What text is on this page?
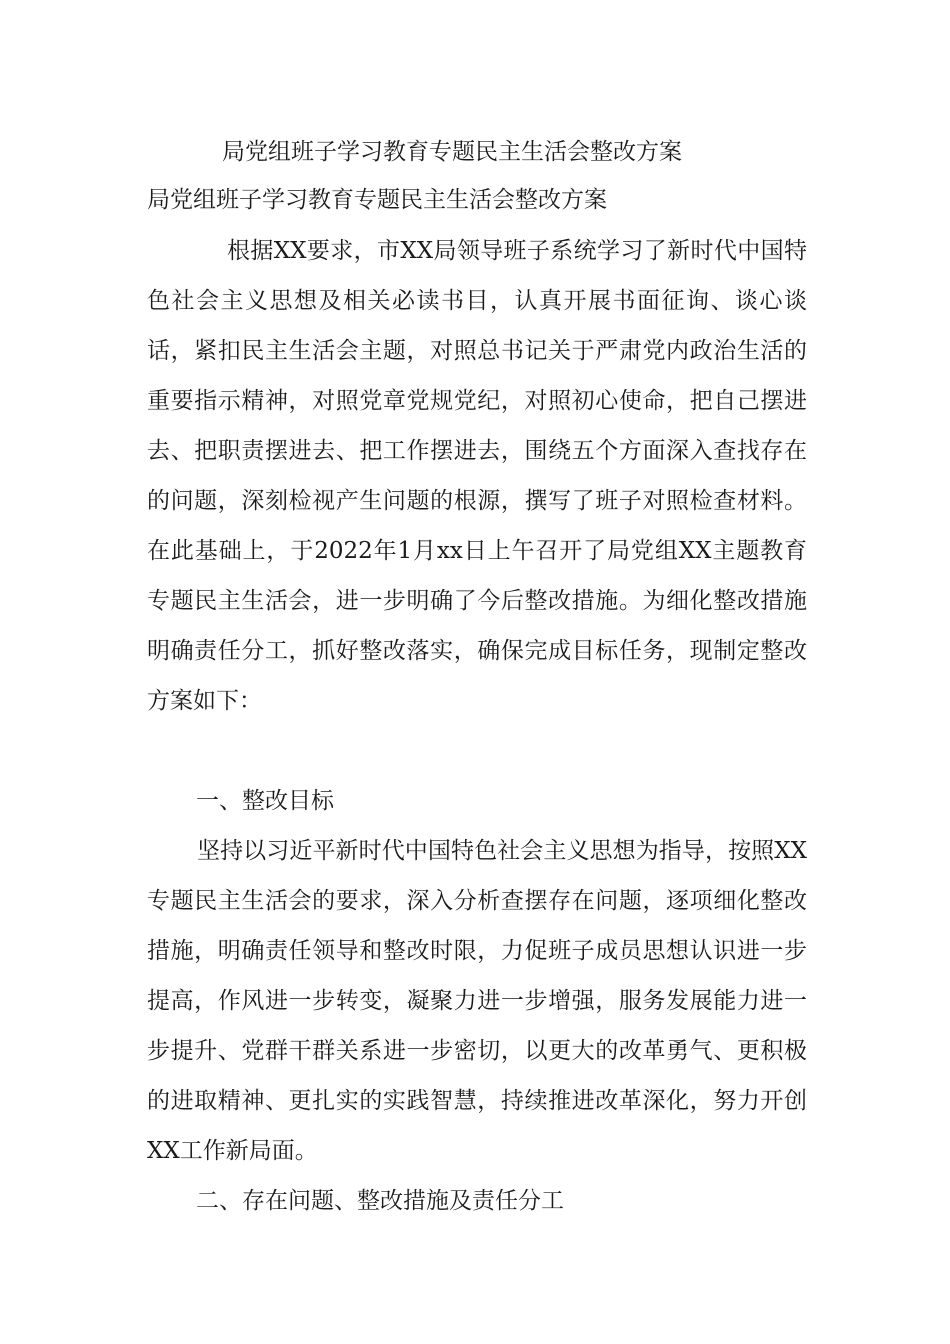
局党组班子学习教育专题民主生活会整改方案
局党组班子学习教育专题民主生活会整改方案

根据XX要求，市XX局领导班子系统学习了新时代中国特色社会主义思想及相关必读书目，认真开展书面征询、谈心谈话，紧扣民主生活会主题，对照总书记关于严肃党内政治生活的重要指示精神，对照党章党规党纪，对照初心使命，把自己摆进去、把职责摆进去、把工作摆进去，围绕五个方面深入查找存在的问题，深刻检视产生问题的根源，撰写了班子对照检查材料。在此基础上，于2022年1月xx日上午召开了局党组XX主题教育专题民主生活会，进一步明确了今后整改措施。为细化整改措施明确责任分工，抓好整改落实，确保完成目标任务，现制定整改方案如下：

一、整改目标

坚持以习近平新时代中国特色社会主义思想为指导，按照XX专题民主生活会的要求，深入分析查摆存在问题，逐项细化整改措施，明确责任领导和整改时限，力促班子成员思想认识进一步提高，作风进一步转变，凝聚力进一步增强，服务发展能力进一步提升、党群干群关系进一步密切，以更大的改革勇气、更积极的进取精神、更扎实的实践智慧，持续推进改革深化，努力开创XX工作新局面。

二、存在问题、整改措施及责任分工
